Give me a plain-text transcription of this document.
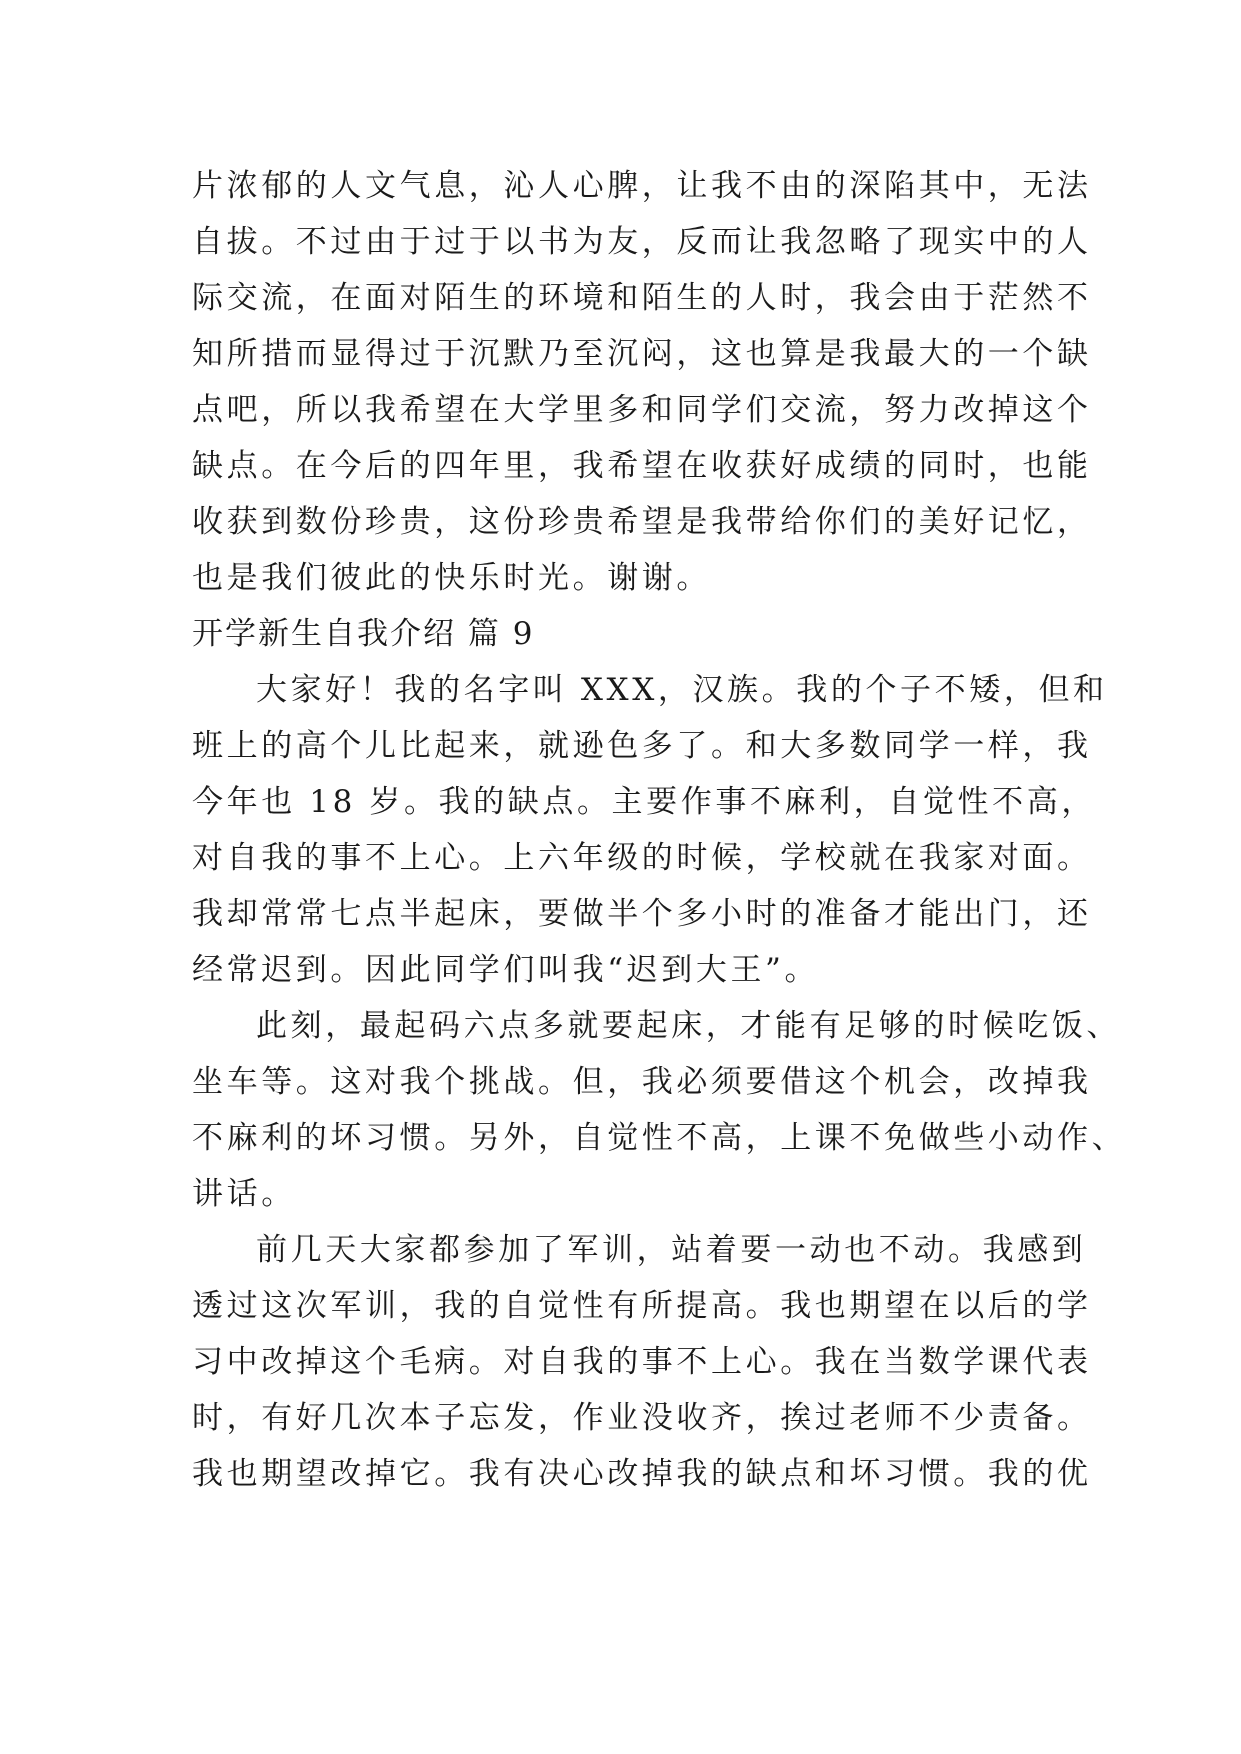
片浓郁的人文气息，沁人心脾，让我不由的深陷其中，无法
自拔。不过由于过于以书为友，反而让我忽略了现实中的人
际交流，在面对陌生的环境和陌生的人时，我会由于茫然不
知所措而显得过于沉默乃至沉闷，这也算是我最大的一个缺
点吧，所以我希望在大学里多和同学们交流，努力改掉这个
缺点。在今后的四年里，我希望在收获好成绩的同时，也能
收获到数份珍贵，这份珍贵希望是我带给你们的美好记忆，
也是我们彼此的快乐时光。谢谢。
开学新生自我介绍 篇 9
大家好！我的名字叫 XXX，汉族。我的个子不矮，但和
班上的高个儿比起来，就逊色多了。和大多数同学一样，我
今年也 18 岁。我的缺点。主要作事不麻利，自觉性不高，
对自我的事不上心。上六年级的时候，学校就在我家对面。
我却常常七点半起床，要做半个多小时的准备才能出门，还
经常迟到。因此同学们叫我“迟到大王”。
此刻，最起码六点多就要起床，才能有足够的时候吃饭、
坐车等。这对我个挑战。但，我必须要借这个机会，改掉我
不麻利的坏习惯。另外，自觉性不高，上课不免做些小动作、
讲话。
前几天大家都参加了军训，站着要一动也不动。我感到
透过这次军训，我的自觉性有所提高。我也期望在以后的学
习中改掉这个毛病。对自我的事不上心。我在当数学课代表
时，有好几次本子忘发，作业没收齐，挨过老师不少责备。
我也期望改掉它。我有决心改掉我的缺点和坏习惯。我的优
